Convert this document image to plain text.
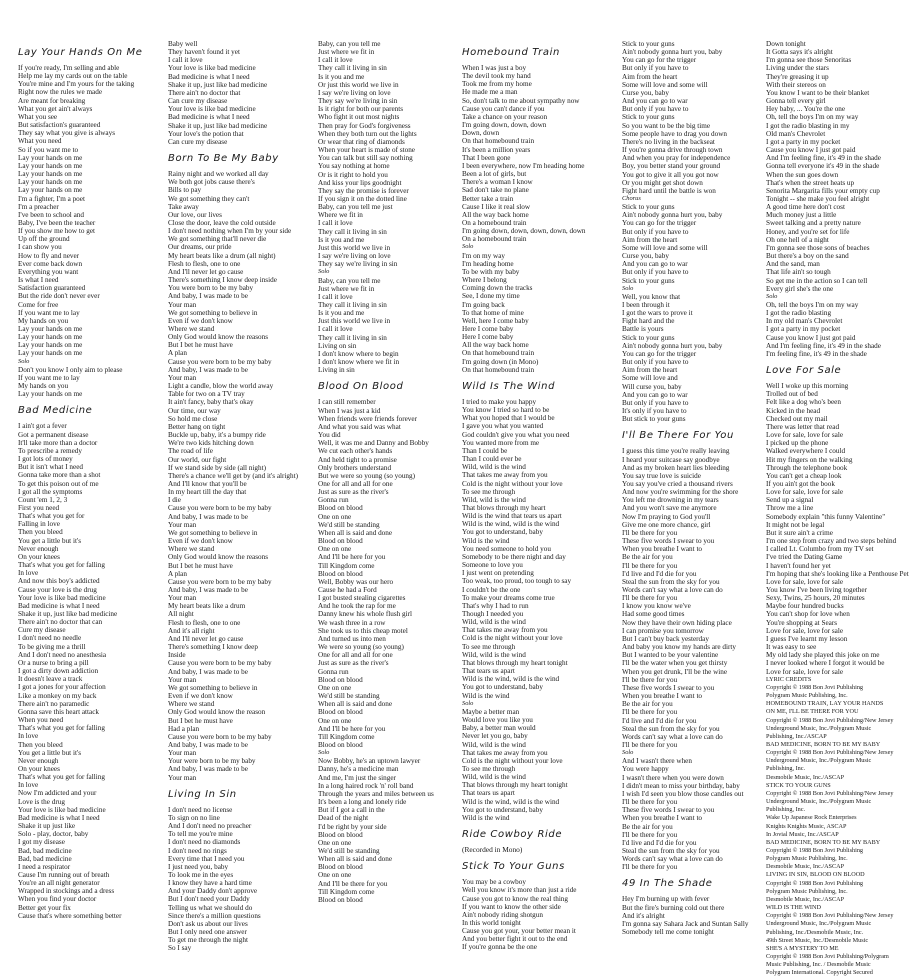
Lay Your Hands On Me
If you're ready, I'm selling and able
Help me lay my cards out on the table
You're mine and I'm yours for the taking
Right now the rules we made
Are meant for breaking
What you get ain't always
What you see
But satisfaction's guaranteed
They say what you give is always
What you need
So if you want me to
Lay your hands on me
Lay your hands on me
Lay your hands on me
Lay your hands on me
Lay your hands on me
I'm a fighter, I'm a poet
I'm a preacher
I've been to school and
Baby, I've been the teacher
If you show me how to get
Up off the ground
I can show you
How to fly and never
Ever come back down
Everything you want
Is what I need
Satisfaction guaranteed
But the ride don't never ever
Come for free
If you want me to lay
My hands on you
Lay your hands on me
Lay your hands on me
Lay your hands on me
Lay your hands on me
Solo
Don't you know I only aim to please
If you want me to lay
My hands on you
Lay your hands on me
Bad Medicine
I ain't got a fever
Got a permanent disease
It'll take more than a doctor
To prescribe a remedy
I got lots of money
But it isn't what I need
Gonna take more than a shot
To get this poison out of me
I got all the symptoms
Count 'em 1, 2, 3
First you need
That's what you get for
Falling in love
Then you bleed
You get a little but it's
Never enough
On your knees
That's what you get for falling
In love
And now this boy's addicted
Cause your love is the drug
Your love is like bad medicine
Bad medicine is what I need
Shake it up, just like bad medicine
There ain't no doctor that can
Cure my disease
I don't need no needle
To be giving me a thrill
And I don't need no anesthesia
Or a nurse to bring a pill
I got a dirty down addiction
It doesn't leave a track
I got a jones for your affection
Like a monkey on my back
There ain't no paramedic
Gonna save this heart attack
When you need
That's what you get for falling
In love
Then you bleed
You get a little but it's
Never enough
On your knees
That's what you get for falling
In love
Now I'm addicted and your
Love is the drug
Your love is like bad medicine
Bad medicine is what I need
Shake it up just like
Solo - play, doctor, baby
I got my disease
Bad, bad medicine
Bad, bad medicine
I need a respirator
Cause I'm running out of breath
You're an all night generator
Wrapped in stockings and a dress
When you find your doctor
Better get your fix
Cause that's where something better
Baby well
They haven't found it yet
I call it love
Your love is like bad medicine
Bad medicine is what I need
Shake it up, just like bad medicine
There ain't no doctor that
Can cure my disease
Your love is like bad medicine
Bad medicine is what I need
Shake it up, just like bad medicine
Your love's the potion that
Can cure my disease
Born To Be My Baby
Rainy night and we worked all day
We both got jobs cause there's
Bills to pay
We got something they can't
Take away
Our love, our lives
Close the door, leave the cold outside
I don't need nothing when I'm by your side
We got something that'll never die
Our dreams, our pride
My heart beats like a drum (all night)
Flesh to flesh, one to one
And I'll never let go cause
There's something I know deep inside
You were born to be my baby
And baby, I was made to be
Your man
We got something to believe in
Even if we don't know
Where we stand
Only God would know the reasons
But I bet he must have
A plan
Cause you were born to be my baby
And baby, I was made to be
Your man
Light a candle, blow the world away
Table for two on a TV tray
It ain't fancy, baby that's okay
Our time, our way
So hold me close
Better hang on tight
Buckle up, baby, it's a bumpy ride
We're two kids hitching down
The road of life
Our world, our fight
If we stand side by side (all night)
There's a chance we'll get by (and it's alright)
And I'll know that you'll be
In my heart till the day that
I die
Cause you were born to be my baby
And baby, I was made to be
Your man
We got something to believe in
Even if we don't know
Where we stand
Only God would know the reasons
But I bet he must have
A plan
Cause you were born to be my baby
And baby, I was made to be
Your man
My heart beats like a drum
All night
Flesh to flesh, one to one
And it's all right
And I'll never let go cause
There's something I know deep
Inside
Cause you were born to be my baby
And baby, I was made to be
Your man
We got something to believe in
Even if we don't know
Where we stand
Only God would know the reason
But I bet he must have
Had a plan
Cause you were born to be my baby
And baby, I was made to be
Your man
Your were born to be my baby
And baby, I was made to be
Your man
Living In Sin
I don't need no license
To sign on no line
And I don't need no preacher
To tell me you're mine
I don't need no diamonds
I don't need no rings
Every time that I need you
I just need you, baby
To look me in the eyes
I know they have a hard time
And your Daddy don't approve
But I don't need your Daddy
Telling us what we should do
Since there's a million questions
Don't ask us about our lives
But I only need one answer
To get me through the night
So I say
Baby, can you tell me
Just where we fit in
I call it love
They call it living in sin
Is it you and me
Or just this world we live in
I say we're living on love
They say we're living in sin
Is it right for both our parents
Who fight it out most nights
Then pray for God's forgiveness
When they both turn out the lights
Or wear that ring of diamonds
When your heart is made of stone
You can talk but still say nothing
You say nothing at home
Or is it right to hold you
And kiss your lips goodnight
They say the promise is forever
If you sign it on the dotted line
Baby, can you tell me just
Where we fit in
I call it love
They call it living in sin
Is it you and me
Just this world we live in
I say we're living on love
They say we're living in sin
Solo
Baby, can you tell me
Just where we fit in
I call it love
They call it living in sin
Is it you and me
Just this world we live in
I call it love
They call it living in sin
Living on sin
I don't know where to begin
I don't know where we fit in
Living in sin
Blood On Blood
I can still remember
When I was just a kid
When friends were friends forever
And what you said was what
You did
Well, it was me and Danny and Bobby
We cut each other's hands
And held tight to a promise
Only brothers understand
But we were so young (so young)
One for all and all for one
Just as sure as the river's
Gonna run
Blood on blood
One on one
We'd still be standing
When all is said and done
Blood on blood
One on one
And I'll be here for you
Till Kingdom come
Blood on blood
Well, Bobby was our hero
Cause he had a Ford
I got busted stealing cigarettes
And he took the rap for me
Danny knew his whole flush girl
We wash three in a row
She took us to this cheap motel
And turned us into men
We were so young (so young)
One for all and all for one
Just as sure as the river's
Gonna run
Blood on blood
One on one
We'd still be standing
When all is said and done
Blood on blood
One on one
And I'll be here for you
Till Kingdom come
Blood on blood
Solo
Now Bobby, he's an uptown lawyer
Danny, he's a medicine man
And me, I'm just the singer
In a long haired rock 'n' roll band
Through the years and miles between us
It's been a long and lonely ride
But if I got a call in the
Dead of the night
I'd be right by your side
Blood on blood
One on one
We'd still be standing
When all is said and done
Blood on blood
One on one
And I'll be there for you
Till Kingdom come
Blood on blood
Homebound Train
When I was just a boy
The devil took my hand
Took me from my home
He made me a man
So, don't talk to me about sympathy now
Cause you can't dance if you
Take a chance on your reason
I'm going down, down, down
Down, down
On that homebound train
It's been a million years
That I been gone
I been everywhere, now I'm heading home
Been a lot of girls, but
There's a woman I know
Sad don't take no plane
Better take a train
Cause I like it real slow
All the way back home
On a homebound train
I'm going down, down, down, down, down
On a homebound train
Solo
I'm on my way
I'm heading home
To be with my baby
Where I belong
Coming down the tracks
See, I done my time
I'm going back
To that home of mine
Well, here I come baby
Here I come baby
Here I come baby
All the way back home
On that homebound train
I'm going down (in Mono)
On that homebound train
Wild Is The Wind
I tried to make you happy
You know I tried so hard to be
What you hoped that I would be
I gave you what you wanted
God couldn't give you what you need
You wanted more from me
Than I could be
Than I could ever be
Wild, wild is the wind
That takes me away from you
Cold is the night without your love
To see me through
Wild, wild is the wind
That blows through my heart
Wild is the wind that tears us apart
Wild is the wind, wild is the wind
You got to understand, baby
Wild is the wind
You need someone to hold you
Somebody to be there night and day
Someone to love you
I just went on pretending
Too weak, too proud, too tough to say
I couldn't be the one
To make your dreams come true
That's why I had to run
Though I needed you
Wild, wild is the wind
That takes me away from you
Cold is the night without your love
To see me through
Wild, wild is the wind
That blows through my heart tonight
That tears us apart
Wild is the wind, wild is the wind
You got to understand, baby
Wild is the wind
Solo
Maybe a better man
Would love you like you
Baby, a better man would
Never let you go, baby
Wild, wild is the wind
That takes me away from you
Cold is the night without your love
To see me through
Wild, wild is the wind
That blows through my heart tonight
That tears us apart
Wild is the wind, wild is the wind
You got to understand, baby
Wild is the wind
Ride Cowboy Ride
(Recorded in Mono)
Stick To Your Guns
You may be a cowboy
Well you know it's more than just a ride
Cause you got to know the real thing
If you want to know the other side
Ain't nobody riding shotgun
In this world tonight
Cause you got your, your better mean it
And you better fight it out to the end
If you're gonna be the one
Stick to your guns
Ain't nobody gonna hurt you, baby
You can go for the trigger
But only if you have to
Aim from the heart
Some will love and some will
Curse you, baby
And you can go to war
But only if you have to
Stick to your guns
So you want to be the big time
Some people have to drag you down
There's no living in the backseat
If you're gonna drive through town
And when you pray for independence
Boy, you better stand your ground
You got to give it all you got now
Or you might get shot down
Fight hard until the battle is won
Chorus
Stick to your guns
Ain't nobody gonna hurt you, baby
You can go for the trigger
But only if you have to
Aim from the heart
Some will love and some will
Curse you, baby
And you can go to war
But only if you have to
Stick to your guns
Solo
Well, you know that
I been through it
I got the wars to prove it
Fight hard and the
Battle is yours
Stick to your guns
Ain't nobody gonna hurt you, baby
You can go for the trigger
But only if you have to
Aim from the heart
Some will love and
Will curse you, baby
And you can go to war
But only if you have to
It's only if you have to
But stick to your guns
I'll Be There For You
I guess this time you're really leaving
I heard your suitcase say goodbye
And as my broken heart lies bleeding
You say true love is suicide
You say you've cried a thousand rivers
And now you're swimming for the shore
You left me drowning in my tears
And you won't save me anymore
Now I'm praying to God you'll
Give me one more chance, girl
I'll be there for you
These five words I swear to you
When you breathe I want to
Be the air for you
I'll be there for you
I'd live and I'd die for you
Steal the sun from the sky for you
Words can't say what a love can do
I'll be there for you
I know you know we've
Had some good times
Now they have their own hiding place
I can promise you tomorrow
But I can't buy back yesterday
And baby you know my hands are dirty
But I wanted to be your valentine
I'll be the water when you get thirsty
When you get drunk, I'll be the wine
I'll be there for you
These five words I swear to you
When you breathe I want to
Be the air for you
I'll be there for you
I'd live and I'd die for you
Steal the sun from the sky for you
Words can't say what a love can do
I'll be there for you
Solo
And I wasn't there when
You were happy
I wasn't there when you were down
I didn't mean to miss your birthday, baby
I wish I'd seen you blow those candles out
I'll be there for you
These five words I swear to you
When you breathe I want to
Be the air for you
I'll be there for you
I'd live and I'd die for you
Steal the sun from the sky for you
Words can't say what a love can do
I'll be there for you
49 In The Shade
Hey I'm burning up with fever
But the fire's burning cold out there
And it's alright
I'm gonna say Sahara Jack and Suntan Sally
Somebody tell me come tonight
Down tonight
It Gotta says it's alright
I'm gonna see those Senoritas
Living under the stars
They're greasing it up
With their stereos on
You know I want to be their blanket
Gonna tell every girl
Hey baby, ... You're the one
Oh, tell the boys I'm on my way
I got the radio blasting in my
Old man's Chevrolet
I got a party in my pocket
Cause you know I just got paid
And I'm feeling fine, it's 49 in the shade
Gonna tell everyone it's 49 in the shade
When the sun goes down
That's when the street heats up
Senorita Margarita fills your empty cup
Tonight -- she make you feel alright
A good time here don't cost
Much money just a little
Sweet talking and a pretty nature
Honey, and you're set for life
Oh one hell of a night
I'm gonna see those sons of beaches
But there's a boy on the sand
And the sand, man
That life ain't so tough
So get me in the action so I can tell
Every girl she's the one
Solo
Oh, tell the boys I'm on my way
I got the radio blasting
In my old man's Chevrolet
I got a party in my pocket
Cause you know I just got paid
And I'm feeling fine, it's 49 in the shade
I'm feeling fine, it's 49 in the shade
Love For Sale
Well I woke up this morning
Trolled out of bed
Felt like a dog who's been
Kicked in the head
Checked out my mail
There was letter that read
Love for sale, love for sale
I picked up the phone
Walked everywhere I could
Hit my fingers on the walking
Through the telephone book
You can't get a cheap look
If you ain't got the book
Love for sale, love for sale
Send up a signal
Throw me a line
Somebody explain "this funny Valentine"
It might not be legal
But it sure ain't a crime
I'm one step from crazy and two steps behind
I called Lt. Columbo from my TV set
I've tried the Dating Game
I haven't found her yet
I'm hoping that she's looking like a Penthouse Pet
Love for sale, love for sale
You know I've been living together
Sexy, Twins, 25 hours, 20 minutes
Maybe four hundred bucks
You can't shop for love when
You're shopping at Sears
Love for sale, love for sale
I guess I've learnt my lesson
It was easy to see
My old lady she played this joke on me
I never looked where I forgot it would be
Love for sale, love for sale
LYRIC CREDITS
Copyright © 1988 Bon Jovi Publishing
Polygram Music Publishing, Inc.
HOMEBOUND TRAIN, LAY YOUR HANDS
ON ME, I'LL BE THERE FOR YOU
Copyright © 1988 Bon Jovi Publishing/New Jersey
Underground Music, Inc./Polygram Music
Publishing, Inc./ASCAP
BAD MEDICINE, BORN TO BE MY BABY
Copyright © 1988 Bon Jovi Publishing/New Jersey
Underground Music, Inc./Polygram Music
Publishing, Inc.
Desmobile Music, Inc./ASCAP
STICK TO YOUR GUNS
Copyright © 1988 Bon Jovi Publishing/New Jersey
Underground Music, Inc./Polygram Music
Publishing, Inc.
Wake Up Japanese Rock Enterprises
Knights Knights Music, ASCAP
In Jovial Music, Inc./ASCAP
BAD MEDICINE, BORN TO BE MY BABY
Copyright © 1988 Bon Jovi Publishing
Polygram Music Publishing, Inc.
Desmobile Music, Inc./ASCAP
LIVING IN SIN, BLOOD ON BLOOD
Copyright © 1988 Bon Jovi Publishing
Polygram Music Publishing, Inc.
Desmobile Music, Inc./ASCAP
WILD IS THE WIND
Copyright © 1988 Bon Jovi Publishing/New Jersey
Underground Music, Inc./Polygram Music
Publishing, Inc./Desmobile Music, Inc.
49th Street Music, Inc./Desmobile Music
SHE'S A MYSTERY TO ME
Copyright © 1988 Bon Jovi Publishing/Polygram
Music Publishing, Inc. / Desmobile Music
Polygram International. Copyright Secured
